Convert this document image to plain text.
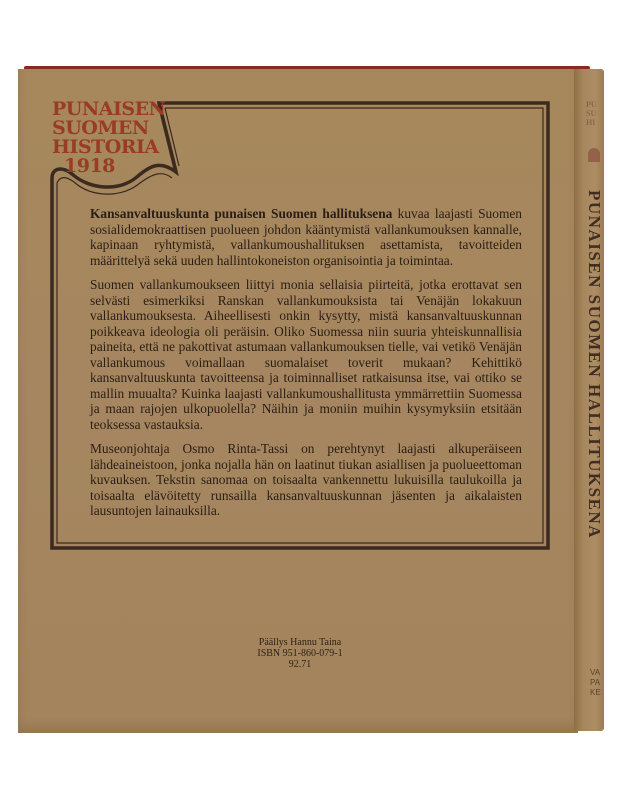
PUNAISEN
SUOMEN
HISTORIA
1918

Kansanvaltuuskunta punaisen Suomen hallituksena kuvaa laajasti Suomen sosialidemokraattisen puolueen johdon kääntymistä vallankumouksen kannalle, kapinaan ryhtymistä, vallankumoushallituksen asettamista, tavoitteiden määrittelyä sekä uuden hallintokoneiston organisointia ja toimintaa.

Suomen vallankumoukseen liittyi monia sellaisia piirteitä, jotka erottavat sen selvästi esimerkiksi Ranskan vallankumouksista tai Venäjän lokakuun vallankumouksesta. Aiheellisesti onkin kysytty, mistä kansanvaltuuskunnan poikkeava ideologia oli peräisin. Oliko Suomessa niin suuria yhteiskunnallisia paineita, että ne pakottivat astumaan vallankumouksen tielle, vai vetikö Venäjän vallankumous voimallaan suomalaiset toverit mukaan? Kehittikö kansanvaltuuskunta tavoitteensa ja toiminnalliset ratkaisunsa itse, vai ottiko se mallin muualta? Kuinka laajasti vallankumoushallitusta ymmärrettiin Suomessa ja maan rajojen ulkopuolella? Näihin ja moniin muihin kysymyksiin etsitään teoksessa vastauksia.

Museonjohtaja Osmo Rinta-Tassi on perehtynyt laajasti alkuperäiseen lähdeaineistoon, jonka nojalla hän on laatinut tiukan asiallisen ja puolueettoman kuvauksen. Tekstin sanomaa on toisaalta vankennettu lukuisilla taulukoilla ja toisaalta elävöitetty runsailla kansanvaltuuskunnan jäsenten ja aikalaisten lausuntojen lainauksilla.

Päällys Hannu Taina
ISBN 951-860-079-1
92.71
PU
SU
HI
PUNAISEN SUOMEN HALLITUKSENA
VA
PA
KE
